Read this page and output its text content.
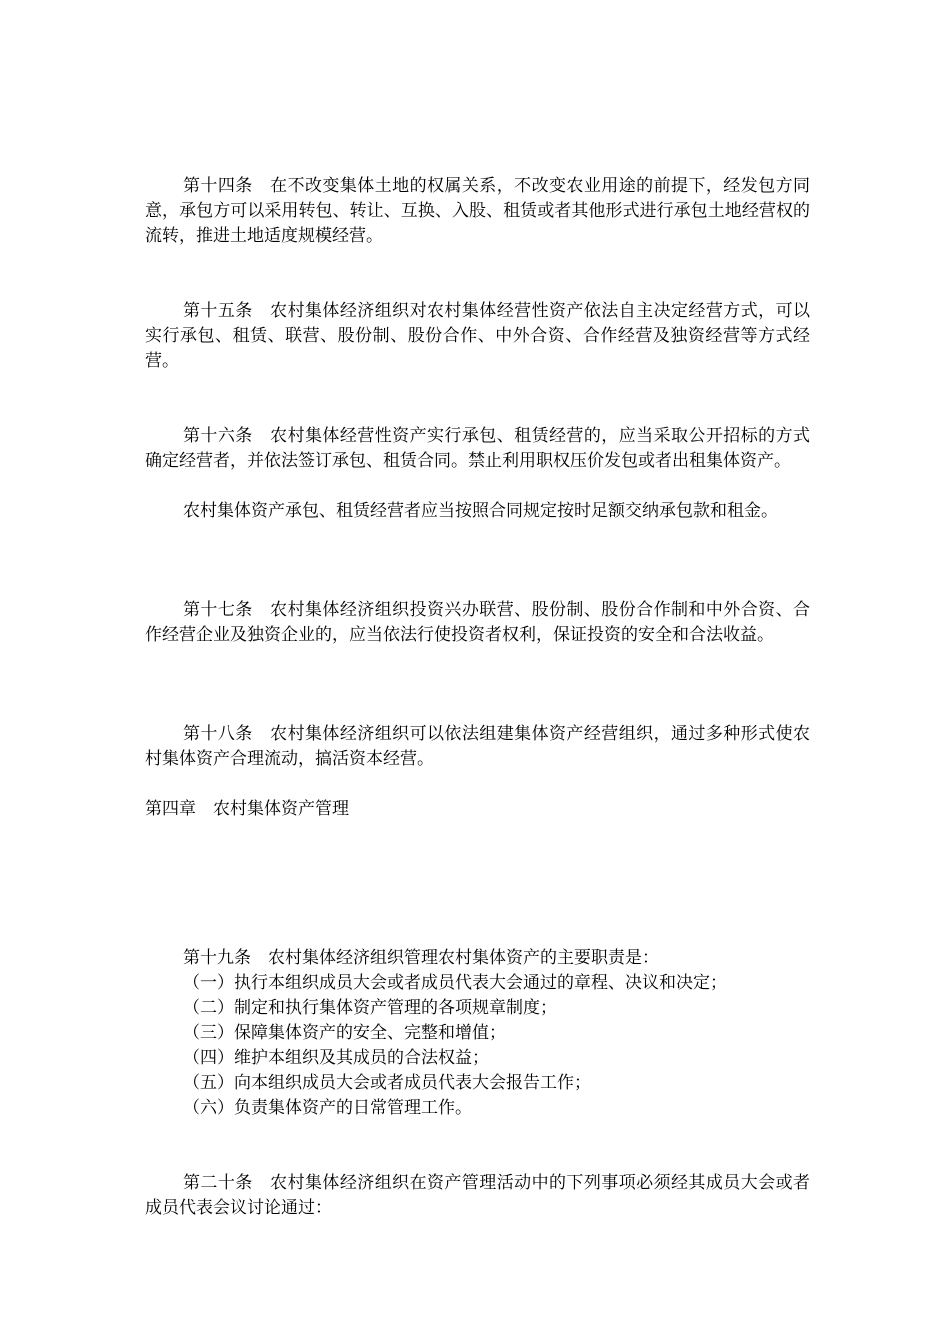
第十四条　在不改变集体土地的权属关系，不改变农业用途的前提下，经发包方同意，承包方可以采用转包、转让、互换、入股、租赁或者其他形式进行承包土地经营权的流转，推进土地适度规模经营。

第十五条　农村集体经济组织对农村集体经营性资产依法自主决定经营方式，可以实行承包、租赁、联营、股份制、股份合作、中外合资、合作经营及独资经营等方式经营。

第十六条　农村集体经营性资产实行承包、租赁经营的，应当采取公开招标的方式确定经营者，并依法签订承包、租赁合同。禁止利用职权压价发包或者出租集体资产。

农村集体资产承包、租赁经营者应当按照合同规定按时足额交纳承包款和租金。

第十七条　农村集体经济组织投资兴办联营、股份制、股份合作制和中外合资、合作经营企业及独资企业的，应当依法行使投资者权利，保证投资的安全和合法收益。

第十八条　农村集体经济组织可以依法组建集体资产经营组织，通过多种形式使农村集体资产合理流动，搞活资本经营。

第四章　农村集体资产管理
第十九条　农村集体经济组织管理农村集体资产的主要职责是：
（一）执行本组织成员大会或者成员代表大会通过的章程、决议和决定；
（二）制定和执行集体资产管理的各项规章制度；
（三）保障集体资产的安全、完整和增值；
（四）维护本组织及其成员的合法权益；
（五）向本组织成员大会或者成员代表大会报告工作；
（六）负责集体资产的日常管理工作。

第二十条　农村集体经济组织在资产管理活动中的下列事项必须经其成员大会或者成员代表会议讨论通过：
